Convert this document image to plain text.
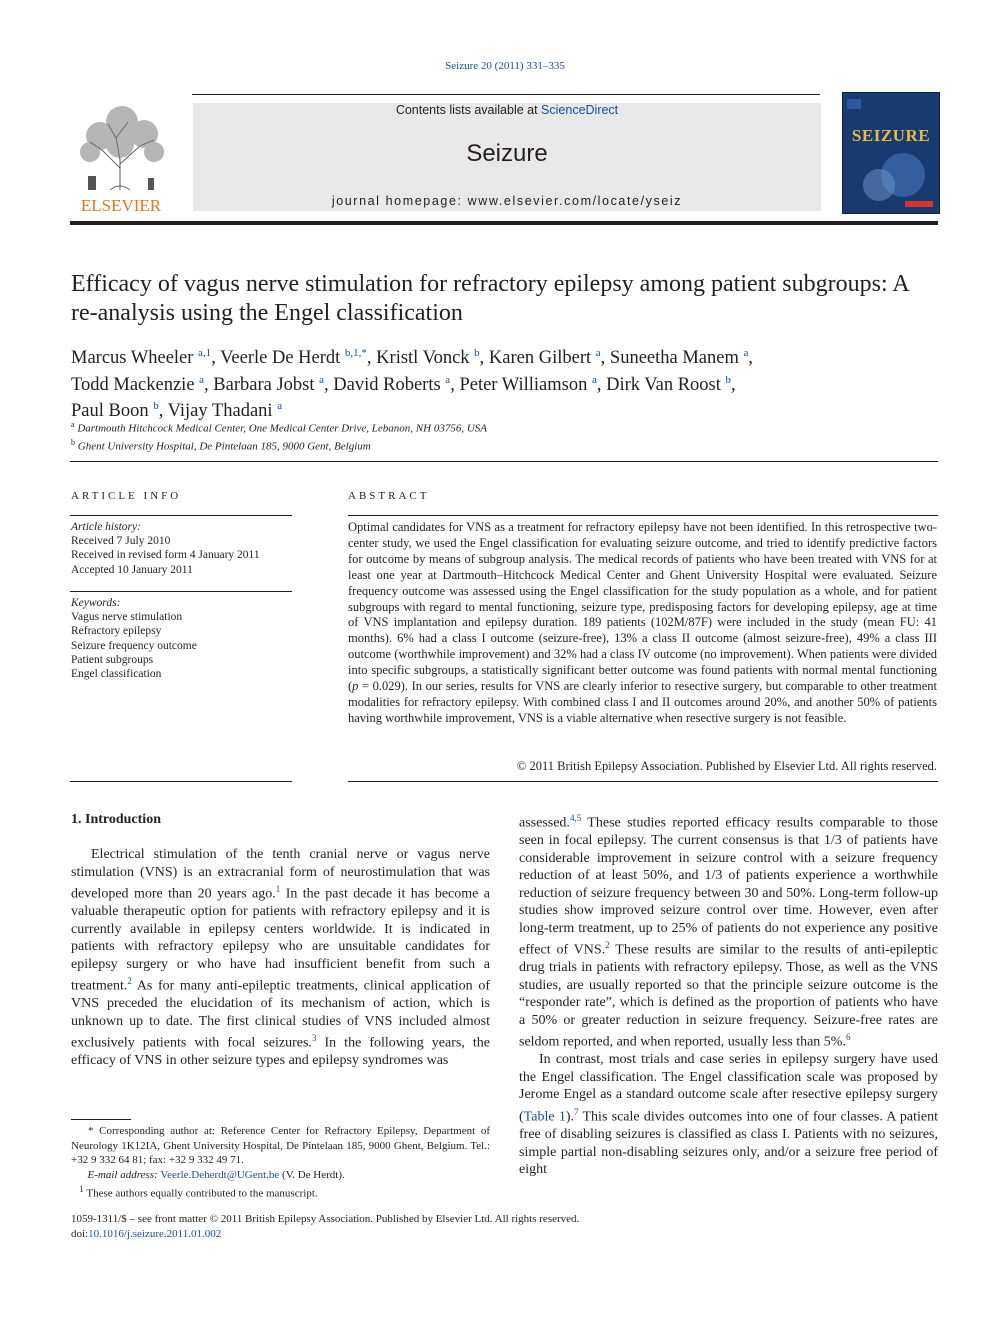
Seizure 20 (2011) 331–335
ELSEVIER
Contents lists available at ScienceDirect
Seizure
journal homepage: www.elsevier.com/locate/yseiz
SEIZURE
Efficacy of vagus nerve stimulation for refractory epilepsy among patient subgroups: A re-analysis using the Engel classification
Marcus Wheeler $^{a,1}$, Veerle De Herdt $^{b,1,*}$, Kristl Vonck $^b$, Karen Gilbert $^a$, Suneetha Manem $^a$,
Todd Mackenzie $^a$, Barbara Jobst $^a$, David Roberts $^a$, Peter Williamson $^a$, Dirk Van Roost $^b$,
Paul Boon $^b$, Vijay Thadani $^a$
$^a$ Dartmouth Hitchcock Medical Center, One Medical Center Drive, Lebanon, NH 03756, USA
$^b$ Ghent University Hospital, De Pintelaan 185, 9000 Gent, Belgium
ARTICLE INFO
Article history:
Received 7 July 2010
Received in revised form 4 January 2011
Accepted 10 January 2011
Keywords:
Vagus nerve stimulation
Refractory epilepsy
Seizure frequency outcome
Patient subgroups
Engel classification
ABSTRACT
Optimal candidates for VNS as a treatment for refractory epilepsy have not been identified. In this retrospective two-center study, we used the Engel classification for evaluating seizure outcome, and tried to identify predictive factors for outcome by means of subgroup analysis. The medical records of patients who have been treated with VNS for at least one year at Dartmouth–Hitchcock Medical Center and Ghent University Hospital were evaluated. Seizure frequency outcome was assessed using the Engel classification for the study population as a whole, and for patient subgroups with regard to mental functioning, seizure type, predisposing factors for developing epilepsy, age at time of VNS implantation and epilepsy duration. 189 patients (102M/87F) were included in the study (mean FU: 41 months). 6% had a class I outcome (seizure-free), 13% a class II outcome (almost seizure-free), 49% a class III outcome (worthwhile improvement) and 32% had a class IV outcome (no improvement). When patients were divided into specific subgroups, a statistically significant better outcome was found patients with normal mental functioning (p = 0.029). In our series, results for VNS are clearly inferior to resective surgery, but comparable to other treatment modalities for refractory epilepsy. With combined class I and II outcomes around 20%, and another 50% of patients having worthwhile improvement, VNS is a viable alternative when resective surgery is not feasible.
© 2011 British Epilepsy Association. Published by Elsevier Ltd. All rights reserved.
1. Introduction

Electrical stimulation of the tenth cranial nerve or vagus nerve stimulation (VNS) is an extracranial form of neurostimulation that was developed more than 20 years ago.$^1$ In the past decade it has become a valuable therapeutic option for patients with refractory epilepsy and it is currently available in epilepsy centers worldwide. It is indicated in patients with refractory epilepsy who are unsuitable candidates for epilepsy surgery or who have had insufficient benefit from such a treatment.$^2$ As for many anti-epileptic treatments, clinical application of VNS preceded the elucidation of its mechanism of action, which is unknown up to date. The first clinical studies of VNS included almost exclusively patients with focal seizures.$^3$ In the following years, the efficacy of VNS in other seizure types and epilepsy syndromes was

assessed.$^{4,5}$ These studies reported efficacy results comparable to those seen in focal epilepsy. The current consensus is that 1/3 of patients have considerable improvement in seizure control with a seizure frequency reduction of at least 50%, and 1/3 of patients experience a worthwhile reduction of seizure frequency between 30 and 50%. Long-term follow-up studies show improved seizure control over time. However, even after long-term treatment, up to 25% of patients do not experience any positive effect of VNS.$^2$ These results are similar to the results of anti-epileptic drug trials in patients with refractory epilepsy. Those, as well as the VNS studies, are usually reported so that the principle seizure outcome is the “responder rate”, which is defined as the proportion of patients who have a 50% or greater reduction in seizure frequency. Seizure-free rates are seldom reported, and when reported, usually less than 5%.$^6$

In contrast, most trials and case series in epilepsy surgery have used the Engel classification. The Engel classification scale was proposed by Jerome Engel as a standard outcome scale after resective epilepsy surgery (Table 1).$^7$ This scale divides outcomes into one of four classes. A patient free of disabling seizures is classified as class I. Patients with no seizures, simple partial non-disabling seizures only, and/or a seizure free period of eight

* Corresponding author at: Reference Center for Refractory Epilepsy, Department of Neurology 1K12IA, Ghent University Hospital, De Pintelaan 185, 9000 Ghent, Belgium. Tel.: +32 9 332 64 81; fax: +32 9 332 49 71.

E-mail address: Veerle.Deherdt@UGent.be (V. De Herdt).

$^1$ These authors equally contributed to the manuscript.

1059-1311/$ – see front matter © 2011 British Epilepsy Association. Published by Elsevier Ltd. All rights reserved.
doi:10.1016/j.seizure.2011.01.002
